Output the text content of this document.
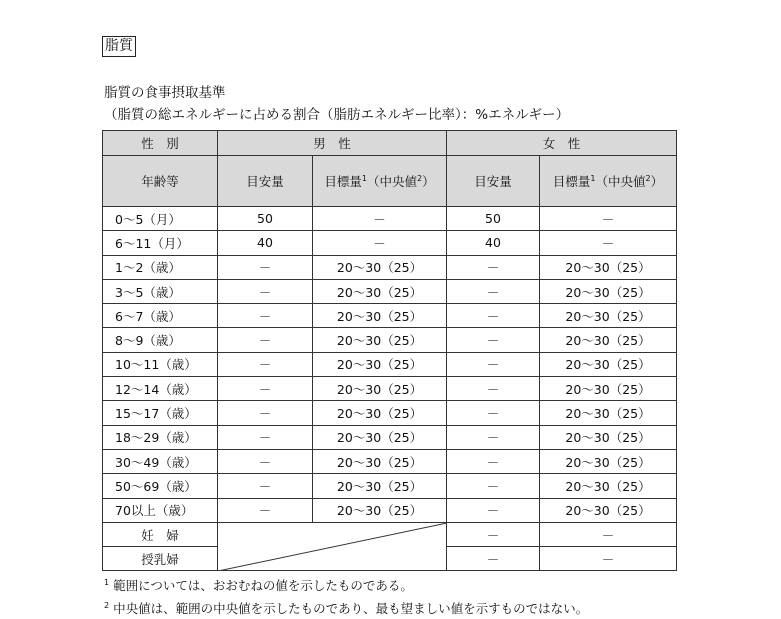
脂質
脂質の食事摂取基準
（脂質の総エネルギーに占める割合（脂肪エネルギー比率）：%エネルギー）
性　別	男　性		女　性	
年齢等	目安量	目標量$^1$（中央値$^2$）	目安量	目標量$^1$（中央値$^2$）
0～5（月）	50	－	50	－
6～11（月）	40	－	40	－
1～2（歳）	－	20～30（25）	－	20～30（25）
3～5（歳）	－	20～30（25）	－	20～30（25）
6～7（歳）	－	20～30（25）	－	20～30（25）
8～9（歳）	－	20～30（25）	－	20～30（25）
10～11（歳）	－	20～30（25）	－	20～30（25）
12～14（歳）	－	20～30（25）	－	20～30（25）
15～17（歳）	－	20～30（25）	－	20～30（25）
18～29（歳）	－	20～30（25）	－	20～30（25）
30～49（歳）	－	20～30（25）	－	20～30（25）
50～69（歳）	－	20～30（25）	－	20～30（25）
70以上（歳）	－	20～30（25）	－	20～30（25）
妊　婦			－	－
授乳婦			－	－
$^1$ 範囲については、おおむねの値を示したものである。
$^2$ 中央値は、範囲の中央値を示したものであり、最も望ましい値を示すものではない。
